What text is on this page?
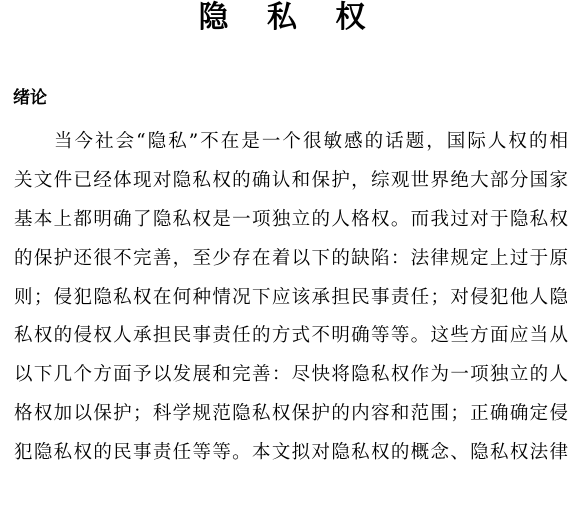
隐 私 权
绪论
当今社会“隐私”不在是一个很敏感的话题，国际人权的相
关文件已经体现对隐私权的确认和保护，综观世界绝大部分国家
基本上都明确了隐私权是一项独立的人格权。而我过对于隐私权
的保护还很不完善，至少存在着以下的缺陷：法律规定上过于原
则；侵犯隐私权在何种情况下应该承担民事责任；对侵犯他人隐
私权的侵权人承担民事责任的方式不明确等等。这些方面应当从
以下几个方面予以发展和完善：尽快将隐私权作为一项独立的人
格权加以保护；科学规范隐私权保护的内容和范围；正确确定侵
犯隐私权的民事责任等等。本文拟对隐私权的概念、隐私权法律
